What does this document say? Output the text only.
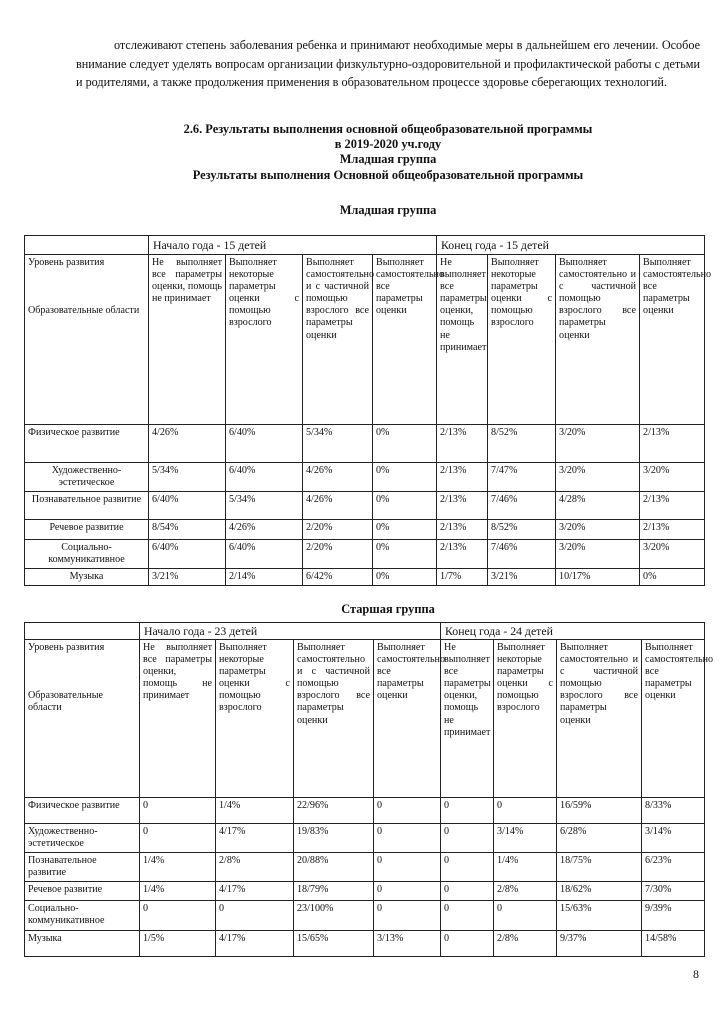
отслеживают степень заболевания ребенка и принимают необходимые меры в дальнейшем его лечении. Особое внимание следует уделять вопросам организации физкультурно-оздоровительной и профилактической работы с детьми и родителями, а также продолжения применения в образовательном процессе здоровье сберегающих технологий.
2.6. Результаты выполнения основной общеобразовательной программы
в 2019-2020 уч.году
Младшая группа
Результаты выполнения Основной общеобразовательной программы
Младшая группа
	Начало года - 15 детей				Конец года - 15 детей			
Уровень развития

Образовательные области	Не выполняет все параметры оценки, помощь не принимает	Выполняет некоторые параметры оценки с помощью взрослого	Выполняет самостоятельно и с частичной помощью взрослого все параметры оценки	Выполняет самостоятельно все параметры оценки	Не выполняет все параметры оценки, помощь не принимает	Выполняет некоторые параметры оценки с помощью взрослого	Выполняет самостоятельно и с частичной помощью взрослого все параметры оценки	Выполняет самостоятельно все параметры оценки
Физическое развитие	4/26%	6/40%	5/34%	0%	2/13%	8/52%	3/20%	2/13%
Художественно-эстетическое	5/34%	6/40%	4/26%	0%	2/13%	7/47%	3/20%	3/20%
Познавательное развитие	6/40%	5/34%	4/26%	0%	2/13%	7/46%	4/28%	2/13%
Речевое развитие	8/54%	4/26%	2/20%	0%	2/13%	8/52%	3/20%	2/13%
Социально-коммуникативное	6/40%	6/40%	2/20%	0%	2/13%	7/46%	3/20%	3/20%
Музыка	3/21%	2/14%	6/42%	0%	1/7%	3/21%	10/17%	0%
Старшая группа
	Начало года - 23 детей				Конец года - 24 детей			
Уровень развития

Образовательные области	Не выполняет все параметры оценки, помощь не принимает	Выполняет некоторые параметры оценки с помощью взрослого	Выполняет самостоятельно и с частичной помощью взрослого все параметры оценки	Выполняет самостоятельно все параметры оценки	Не выполняет все параметры оценки, помощь не принимает	Выполняет некоторые параметры оценки с помощью взрослого	Выполняет самостоятельно и с частичной помощью взрослого все параметры оценки	Выполняет самостоятельно все параметры оценки
Физическое развитие	0	1/4%	22/96%	0	0	0	16/59%	8/33%
Художественно-эстетическое	0	4/17%	19/83%	0	0	3/14%	6/28%	3/14%
Познавательное развитие	1/4%	2/8%	20/88%	0	0	1/4%	18/75%	6/23%
Речевое развитие	1/4%	4/17%	18/79%	0	0	2/8%	18/62%	7/30%
Социально-коммуникативное	0	0	23/100%	0	0	0	15/63%	9/39%
Музыка	1/5%	4/17%	15/65%	3/13%	0	2/8%	9/37%	14/58%
8
